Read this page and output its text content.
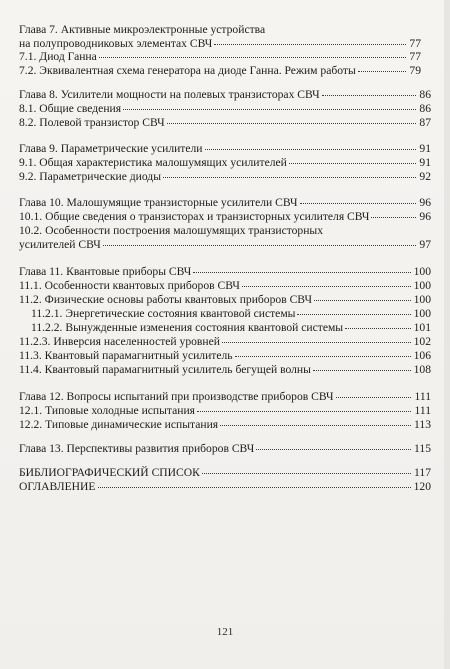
Глава 7. Активные микроэлектронные устройства
на полупроводниковых элементах СВЧ	77
7.1. Диод Ганна	77
7.2. Эквивалентная схема генератора на диоде Ганна. Режим работы	79
Глава 8. Усилители мощности на полевых транзисторах СВЧ	86
8.1. Общие сведения	86
8.2. Полевой транзистор СВЧ	87
Глава 9. Параметрические усилители	91
9.1. Общая характеристика малошумящих усилителей	91
9.2. Параметрические диоды	92
Глава 10. Малошумящие транзисторные усилители СВЧ	96
10.1. Общие сведения о транзисторах и транзисторных усилителя СВЧ	96
10.2. Особенности построения малошумящих транзисторных
усилителей СВЧ	97
Глава 11. Квантовые приборы СВЧ	100
11.1. Особенности квантовых приборов СВЧ	100
11.2. Физические основы работы квантовых приборов СВЧ	100
11.2.1. Энергетические состояния квантовой системы	100
11.2.2. Вынужденные изменения состояния квантовой системы	101
11.2.3. Инверсия населенностей уровней	102
11.3. Квантовый парамагнитный усилитель	106
11.4. Квантовый парамагнитный усилитель бегущей волны	108
Глава 12. Вопросы испытаний при производстве приборов СВЧ	111
12.1. Типовые холодные испытания	111
12.2. Типовые динамические испытания	113
Глава 13. Перспективы развития приборов СВЧ	115
БИБЛИОГРАФИЧЕСКИЙ СПИСОК	117
ОГЛАВЛЕНИЕ	120
121
